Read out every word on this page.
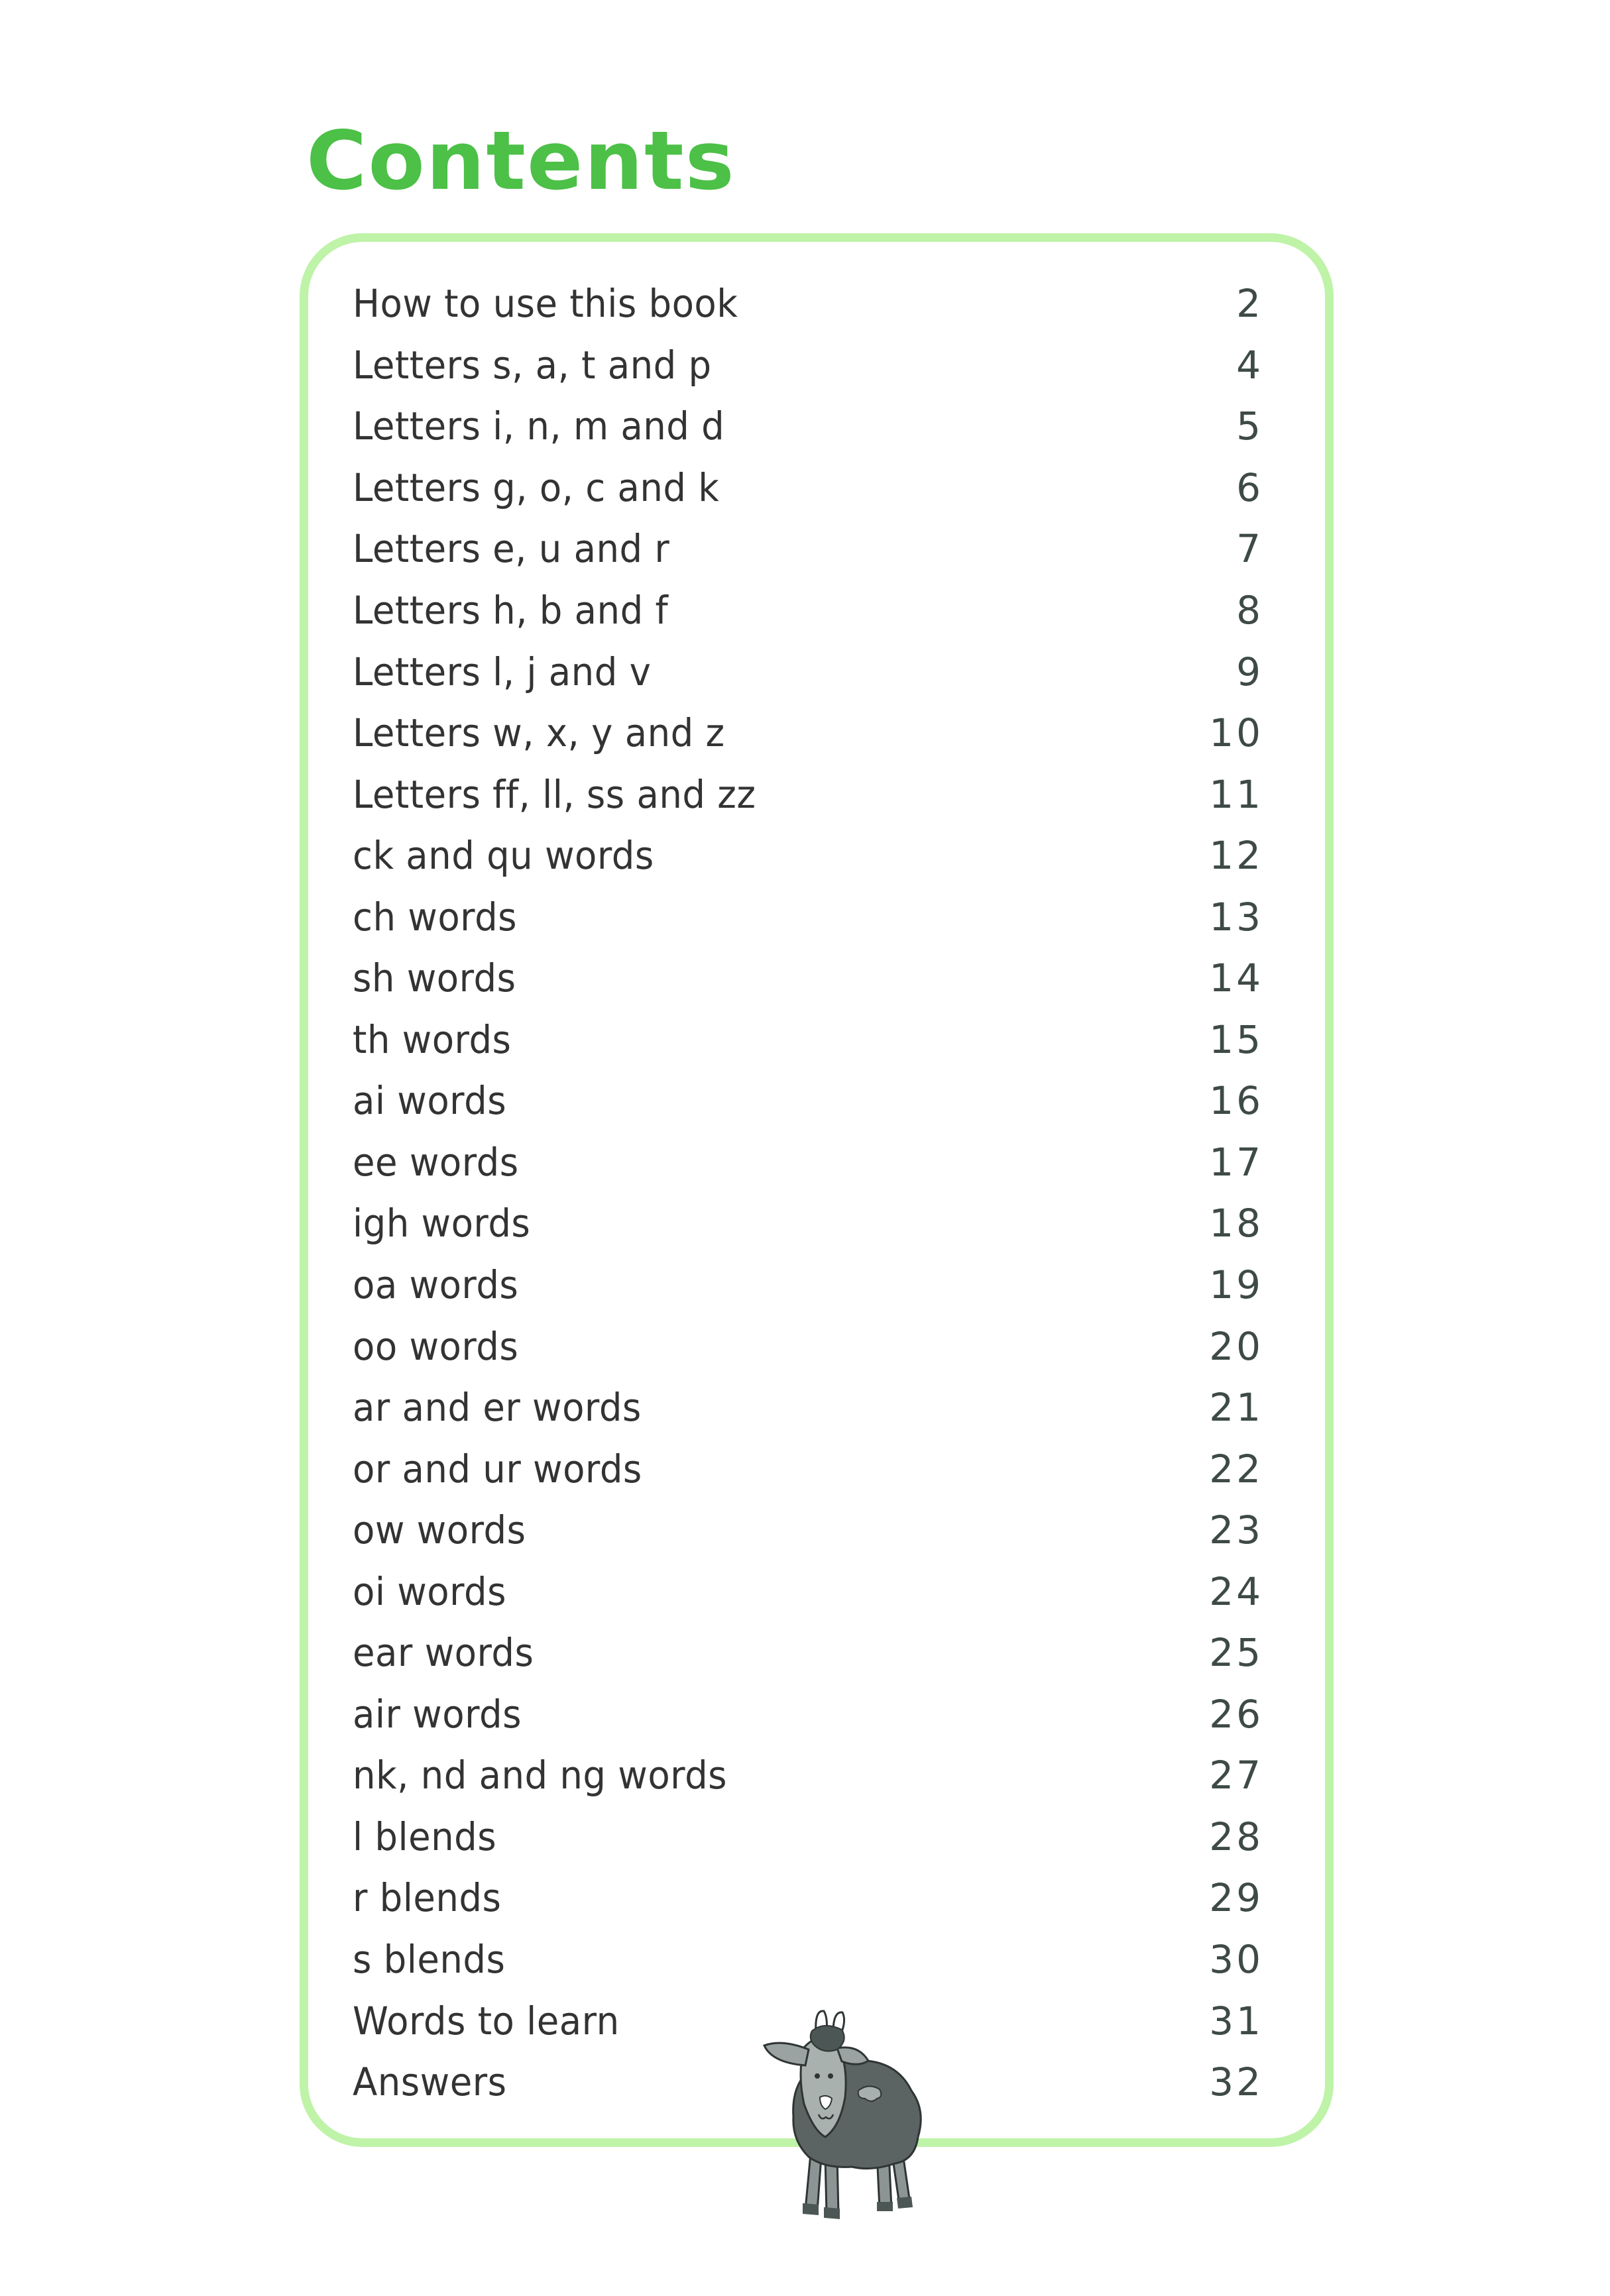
Contents
How to use this book	2
Letters s, a, t and p	4
Letters i, n, m and d	5
Letters g, o, c and k	6
Letters e, u and r	7
Letters h, b and f	8
Letters l, j and v	9
Letters w, x, y and z	10
Letters ff, ll, ss and zz	11
ck and qu words	12
ch words	13
sh words	14
th words	15
ai words	16
ee words	17
igh words	18
oa words	19
oo words	20
ar and er words	21
or and ur words	22
ow words	23
oi words	24
ear words	25
air words	26
nk, nd and ng words	27
l blends	28
r blends	29
s blends	30
Words to learn	31
Answers	32
